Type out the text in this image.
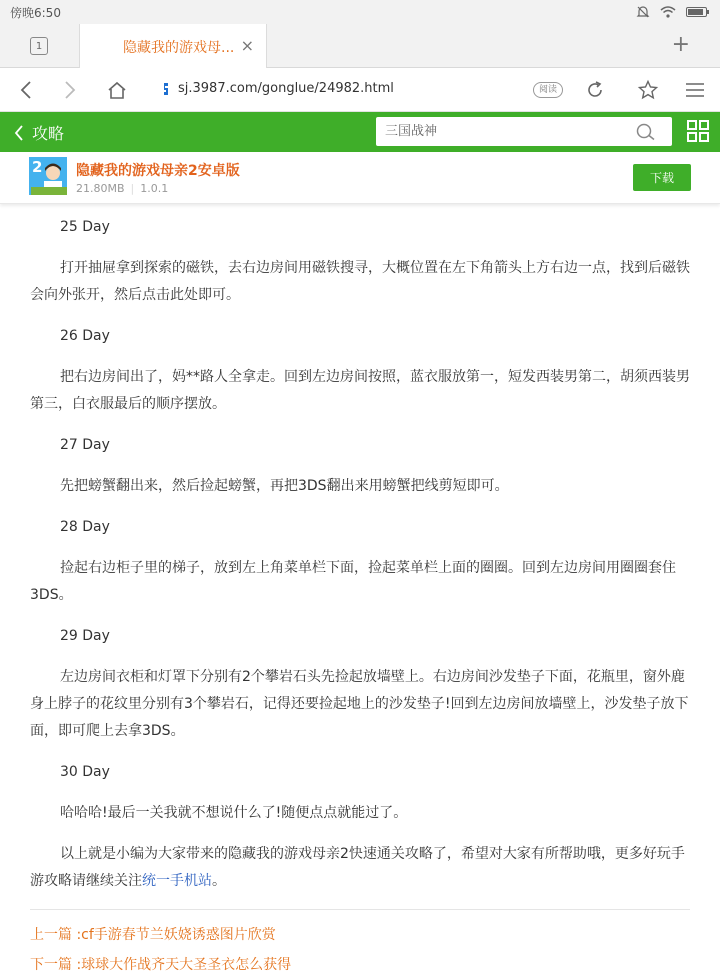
傍晚6:50
1	隐藏我的游戏母... ×	+
sj.3987.com/gonglue/24982.html	阅读
攻略
三国战神
2 隐藏我的游戏母亲2安卓版
21.80MB | 1.0.1
下载

25 Day

打开抽屉拿到探索的磁铁，去右边房间用磁铁搜寻，大概位置在左下角箭头上方右边一点，找到后磁铁会向外张开，然后点击此处即可。

26 Day

把右边房间出了，妈**路人全拿走。回到左边房间按照，蓝衣服放第一，短发西装男第二，胡须西装男第三，白衣服最后的顺序摆放。

27 Day

先把螃蟹翻出来，然后捡起螃蟹，再把3DS翻出来用螃蟹把线剪短即可。

28 Day

捡起右边柜子里的梯子，放到左上角菜单栏下面，捡起菜单栏上面的圈圈。回到左边房间用圈圈套住3DS。

29 Day

左边房间衣柜和灯罩下分别有2个攀岩石头先捡起放墙壁上。右边房间沙发垫子下面，花瓶里，窗外鹿身上脖子的花纹里分别有3个攀岩石，记得还要捡起地上的沙发垫子!回到左边房间放墙壁上，沙发垫子放下面，即可爬上去拿3DS。

30 Day

哈哈哈!最后一关我就不想说什么了!随便点点就能过了。

以上就是小编为大家带来的隐藏我的游戏母亲2快速通关攻略了，希望对大家有所帮助哦，更多好玩手游攻略请继续关注统一手机站。

上一篇 :cf手游春节兰妖娆诱惑图片欣赏

下一篇 :球球大作战齐天大圣圣衣怎么获得
